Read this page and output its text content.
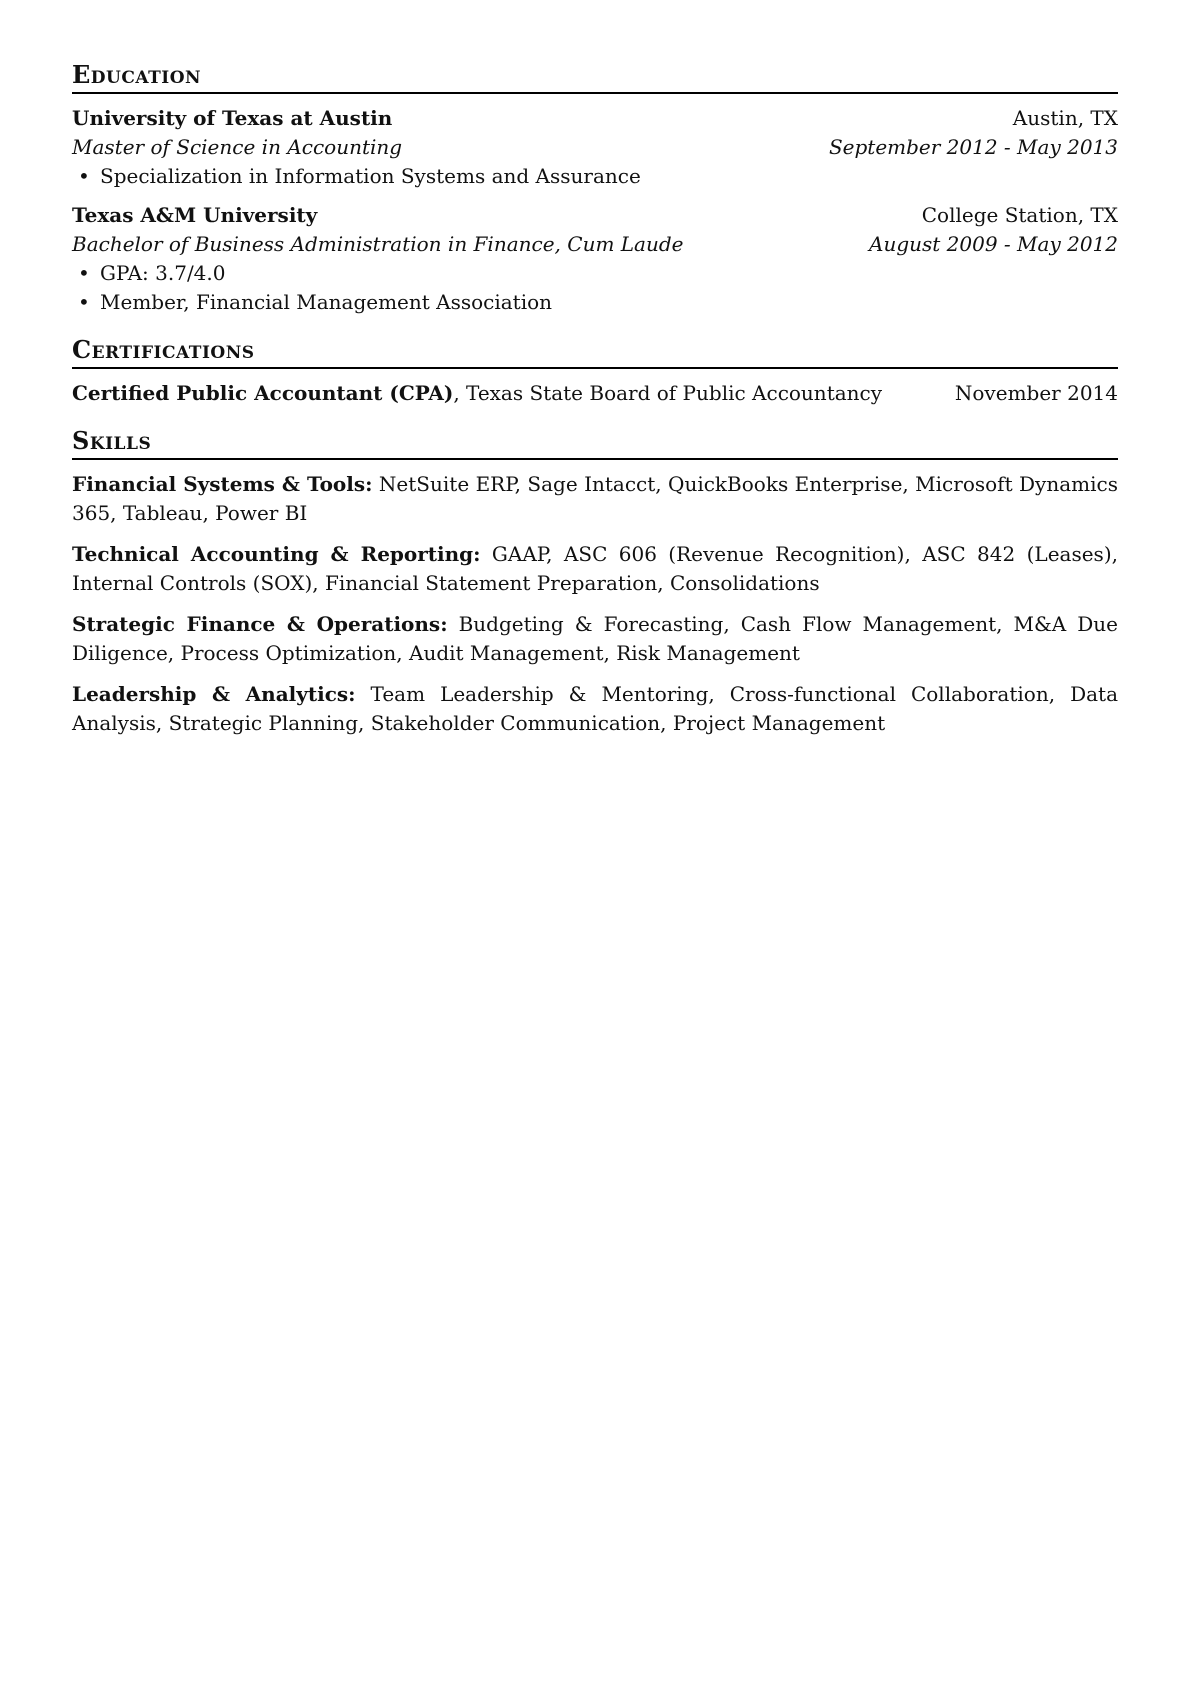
Education
University of Texas at Austin	Austin, TX
Master of Science in Accounting	September 2012 - May 2013
• Specialization in Information Systems and Assurance
Texas A&M University	College Station, TX
Bachelor of Business Administration in Finance, Cum Laude	August 2009 - May 2012
• GPA: 3.7/4.0
• Member, Financial Management Association
Certifications
Certified Public Accountant (CPA), Texas State Board of Public Accountancy	November 2014
Skills
Financial Systems & Tools: NetSuite ERP, Sage Intacct, QuickBooks Enterprise, Microsoft Dynamics 365, Tableau, Power BI
Technical Accounting & Reporting: GAAP, ASC 606 (Revenue Recognition), ASC 842 (Leases), Internal Controls (SOX), Financial Statement Preparation, Consolidations
Strategic Finance & Operations: Budgeting & Forecasting, Cash Flow Management, M&A Due Diligence, Process Optimization, Audit Management, Risk Management
Leadership & Analytics: Team Leadership & Mentoring, Cross-functional Collaboration, Data Analysis, Strategic Planning, Stakeholder Communication, Project Management
